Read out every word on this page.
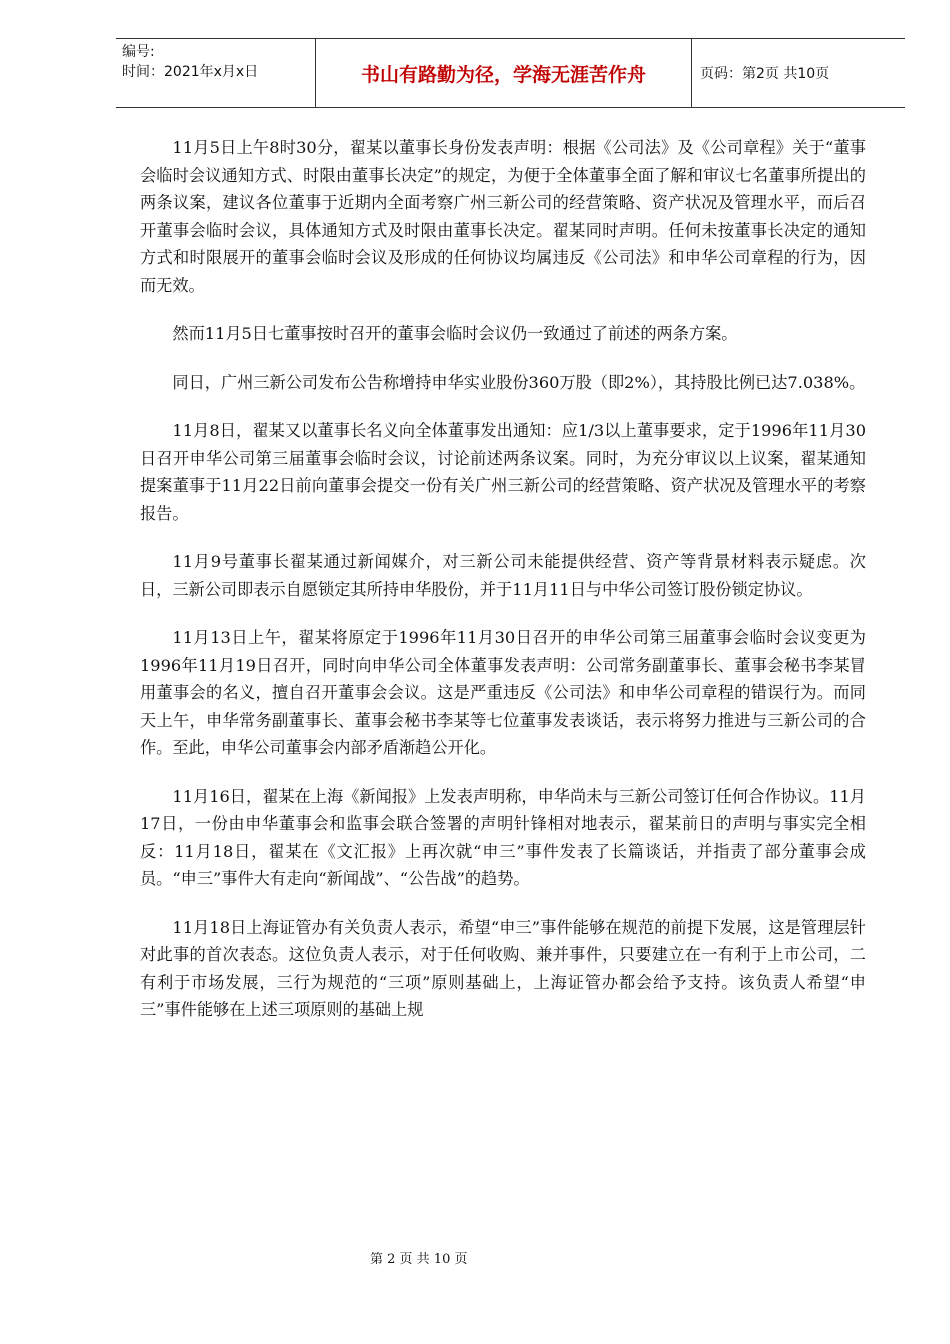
编号:
时间：2021年x月x日	书山有路勤为径，学海无涯苦作舟	页码：第2页 共10页

11月5日上午8时30分，翟某以董事长身份发表声明：根据《公司法》及《公司章程》关于“董事会临时会议通知方式、时限由董事长决定”的规定，为便于全体董事全面了解和审议七名董事所提出的两条议案，建议各位董事于近期内全面考察广州三新公司的经营策略、资产状况及管理水平，而后召开董事会临时会议，具体通知方式及时限由董事长决定。翟某同时声明。任何未按董事长决定的通知方式和时限展开的董事会临时会议及形成的任何协议均属违反《公司法》和申华公司章程的行为，因而无效。

然而11月5日七董事按时召开的董事会临时会议仍一致通过了前述的两条方案。

同日，广州三新公司发布公告称增持申华实业股份360万股（即2%），其持股比例已达7.038%。

11月8日，翟某又以董事长名义向全体董事发出通知：应1/3以上董事要求，定于1996年11月30日召开申华公司第三届董事会临时会议，讨论前述两条议案。同时，为充分审议以上议案，翟某通知提案董事于11月22日前向董事会提交一份有关广州三新公司的经营策略、资产状况及管理水平的考察报告。

11月9号董事长翟某通过新闻媒介，对三新公司未能提供经营、资产等背景材料表示疑虑。次日，三新公司即表示自愿锁定其所持申华股份，并于11月11日与中华公司签订股份锁定协议。

11月13日上午，翟某将原定于1996年11月30日召开的申华公司第三届董事会临时会议变更为1996年11月19日召开，同时向申华公司全体董事发表声明：公司常务副董事长、董事会秘书李某冒用董事会的名义，擅自召开董事会会议。这是严重违反《公司法》和申华公司章程的错误行为。而同天上午，申华常务副董事长、董事会秘书李某等七位董事发表谈话，表示将努力推进与三新公司的合作。至此，申华公司董事会内部矛盾渐趋公开化。

11月16日，翟某在上海《新闻报》上发表声明称，申华尚未与三新公司签订任何合作协议。11月17日，一份由申华董事会和监事会联合签署的声明针锋相对地表示，翟某前日的声明与事实完全相反：11月18日，翟某在《文汇报》上再次就“申三”事件发表了长篇谈话，并指责了部分董事会成员。“申三”事件大有走向“新闻战”、“公告战”的趋势。

11月18日上海证管办有关负责人表示，希望“申三”事件能够在规范的前提下发展，这是管理层针对此事的首次表态。这位负责人表示，对于任何收购、兼并事件，只要建立在一有利于上市公司，二有利于市场发展，三行为规范的“三项”原则基础上，上海证管办都会给予支持。该负责人希望“申三”事件能够在上述三项原则的基础上规

第 2 页 共 10 页
